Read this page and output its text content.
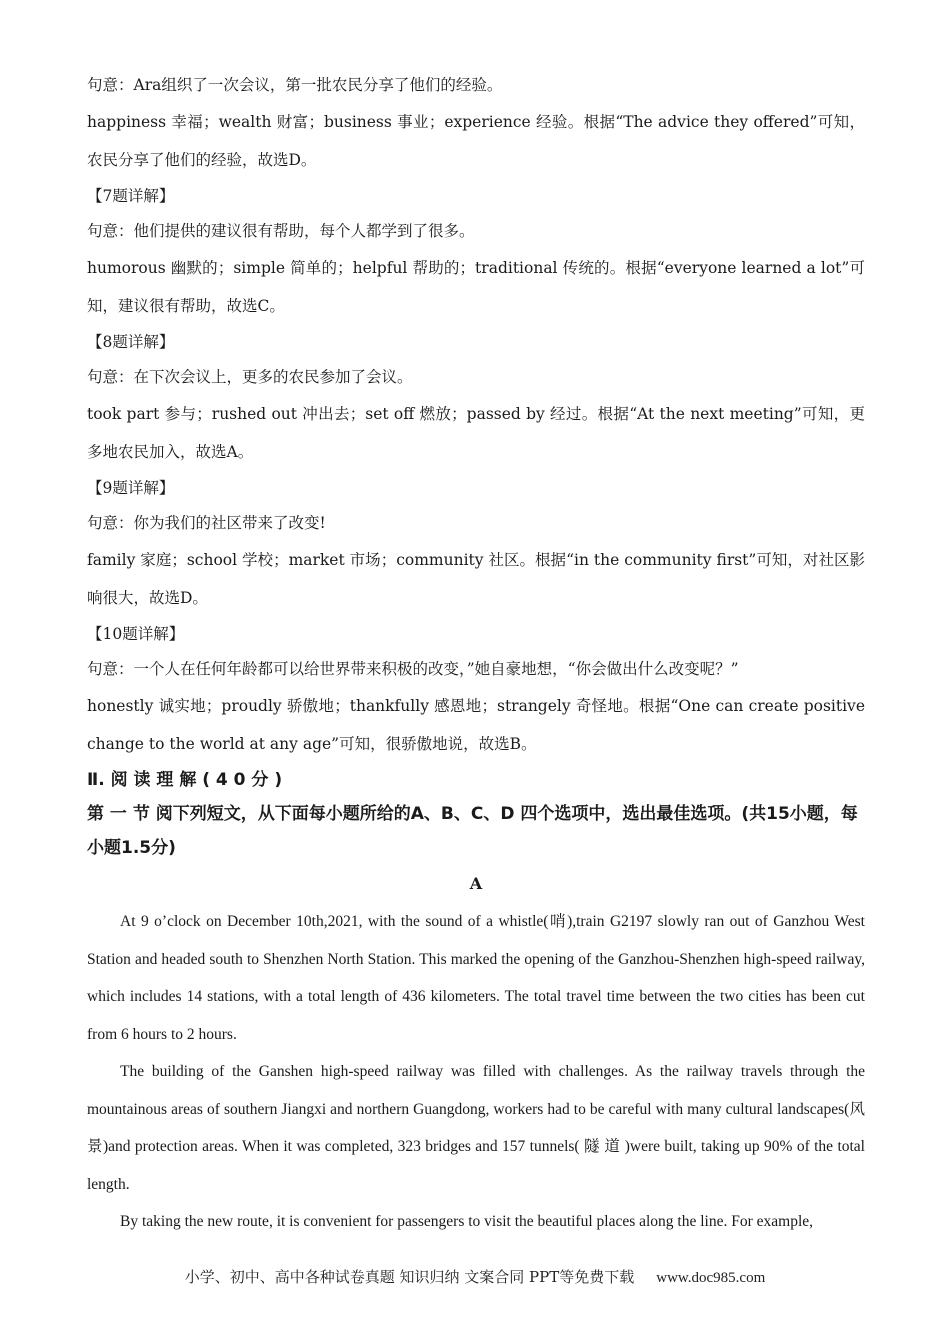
句意：Ara组织了一次会议，第一批农民分享了他们的经验。
happiness 幸福；wealth 财富；business 事业；experience 经验。根据“The advice they offered”可知，农民分享了他们的经验，故选D。
【7题详解】
句意：他们提供的建议很有帮助，每个人都学到了很多。
humorous 幽默的；simple 简单的；helpful 帮助的；traditional 传统的。根据“everyone learned a lot”可知，建议很有帮助，故选C。
【8题详解】
句意：在下次会议上，更多的农民参加了会议。
took part 参与；rushed out 冲出去；set off 燃放；passed by 经过。根据“At the next meeting”可知，更多地农民加入，故选A。
【9题详解】
句意：你为我们的社区带来了改变!
family 家庭；school 学校；market 市场；community 社区。根据“in the community first”可知，对社区影响很大，故选D。
【10题详解】
句意：一个人在任何年龄都可以给世界带来积极的改变，”她自豪地想，“你会做出什么改变呢？”
honestly 诚实地；proudly 骄傲地；thankfully 感恩地；strangely 奇怪地。根据“One can create positive change to the world at any age”可知，很骄傲地说，故选B。
Ⅱ. 阅 读 理 解 ( 4 0 分 )
第 一 节 阅下列短文，从下面每小题所给的A、B、C、D 四个选项中，选出最佳选项。(共15小题，每小题1.5分)
A
At 9 o’clock on December 10th,2021, with the sound of a whistle(哨),train G2197 slowly ran out of Ganzhou West Station and headed south to Shenzhen North Station. This marked the opening of the Ganzhou-Shenzhen high-speed railway, which includes 14 stations, with a total length of 436 kilometers. The total travel time between the two cities has been cut from 6 hours to 2 hours.
The building of the Ganshen high-speed railway was filled with challenges. As the railway travels through the mountainous areas of southern Jiangxi and northern Guangdong, workers had to be careful with many cultural landscapes(风景)and protection areas. When it was completed, 323 bridges and 157 tunnels( 隧 道 )were built, taking up 90% of the total length.
By taking the new route, it is convenient for passengers to visit the beautiful places along the line. For example,
小学、初中、高中各种试卷真题 知识归纳 文案合同 PPT等免费下载 www.doc985.com
